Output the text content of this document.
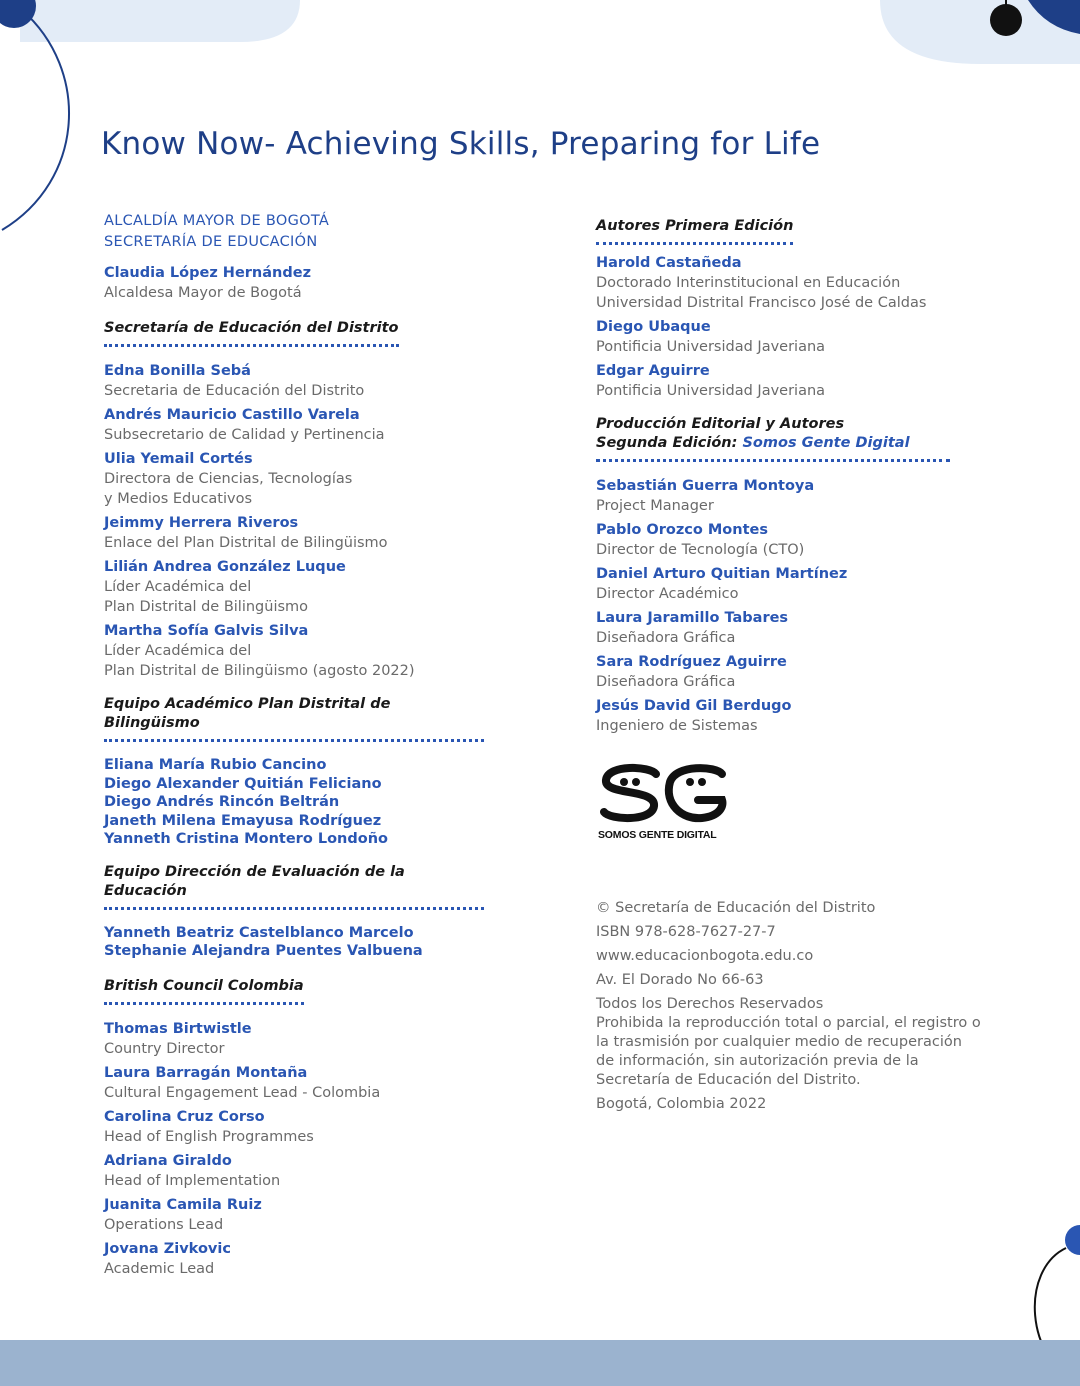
Know Now- Achieving Skills, Preparing for Life
ALCALDÍA MAYOR DE BOGOTÁ
SECRETARÍA DE EDUCACIÓN
Claudia López Hernández
Alcaldesa Mayor de Bogotá
Secretaría de Educación del Distrito
Edna Bonilla Sebá
Secretaria de Educación del Distrito
Andrés Mauricio Castillo Varela
Subsecretario de Calidad y Pertinencia
Ulia Yemail Cortés
Directora de Ciencias, Tecnologías
y Medios Educativos
Jeimmy Herrera Riveros
Enlace del Plan Distrital de Bilingüismo
Lilián Andrea González Luque
Líder Académica del
Plan Distrital de Bilingüismo
Martha Sofía Galvis Silva
Líder Académica del
Plan Distrital de Bilingüismo (agosto 2022)
Equipo Académico Plan Distrital de Bilingüismo
Eliana María Rubio Cancino
Diego Alexander Quitián Feliciano
Diego Andrés Rincón Beltrán
Janeth Milena Emayusa Rodríguez
Yanneth Cristina Montero Londoño
Equipo Dirección de Evaluación de la Educación
Yanneth Beatriz Castelblanco Marcelo
Stephanie Alejandra Puentes Valbuena
British Council Colombia
Thomas Birtwistle
Country Director
Laura Barragán Montaña
Cultural Engagement Lead - Colombia
Carolina Cruz Corso
Head of English Programmes
Adriana Giraldo
Head of Implementation
Juanita Camila Ruiz
Operations Lead
Jovana Zivkovic
Academic Lead
Autores Primera Edición
Harold Castañeda
Doctorado Interinstitucional en Educación
Universidad Distrital Francisco José de Caldas
Diego Ubaque
Pontificia Universidad Javeriana
Edgar Aguirre
Pontificia Universidad Javeriana
Producción Editorial y Autores
Segunda Edición: Somos Gente Digital
Sebastián Guerra Montoya
Project Manager
Pablo Orozco Montes
Director de Tecnología (CTO)
Daniel Arturo Quitian Martínez
Director Académico
Laura Jaramillo Tabares
Diseñadora Gráfica
Sara Rodríguez Aguirre
Diseñadora Gráfica
Jesús David Gil Berdugo
Ingeniero de Sistemas
SOMOS GENTE DIGITAL

© Secretaría de Educación del Distrito

ISBN 978-628-7627-27-7

www.educacionbogota.edu.co

Av. El Dorado No 66-63

Todos los Derechos Reservados
Prohibida la reproducción total o parcial, el registro o la trasmisión por cualquier medio de recuperación de información, sin autorización previa de la Secretaría de Educación del Distrito.

Bogotá, Colombia 2022
